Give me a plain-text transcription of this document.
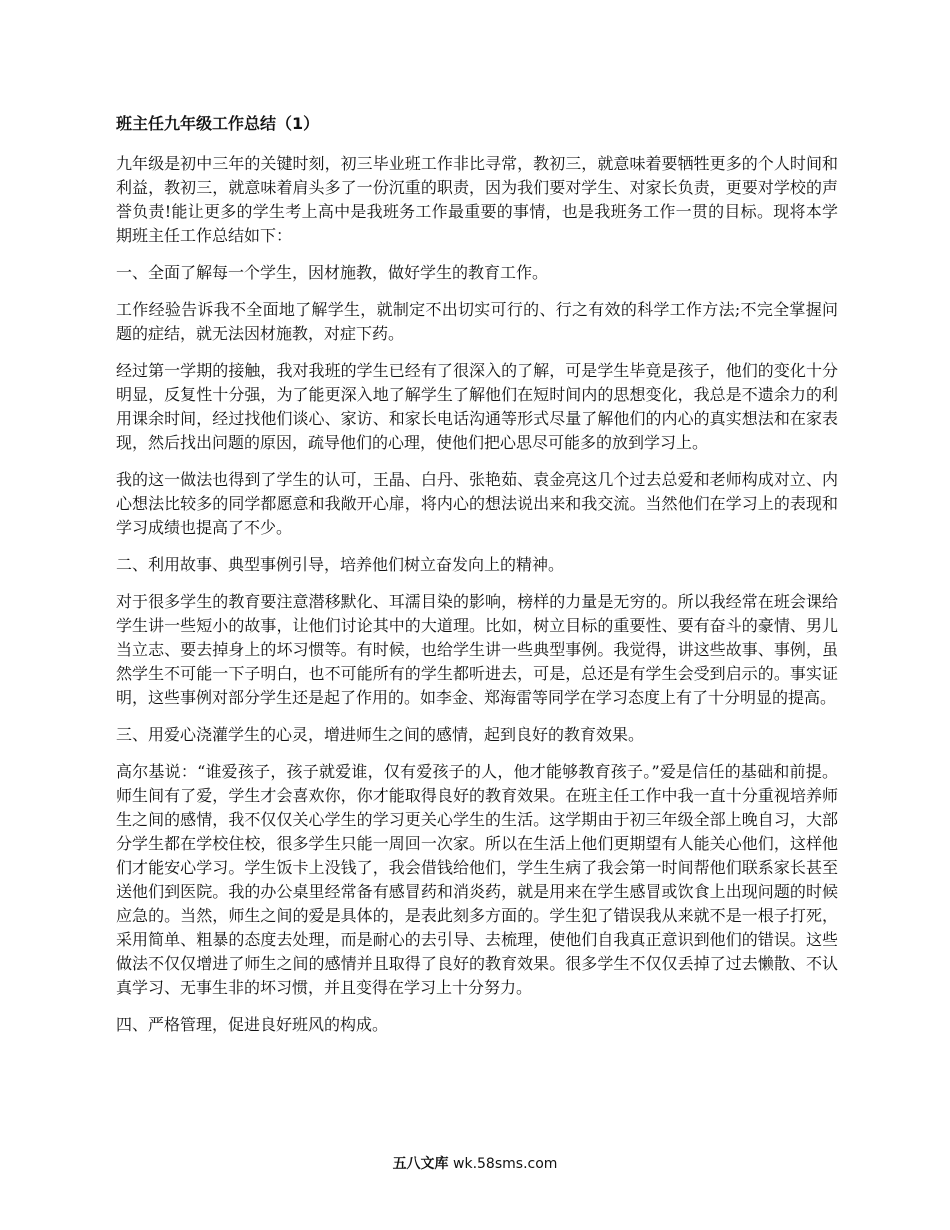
班主任九年级工作总结（1）
九年级是初中三年的关键时刻，初三毕业班工作非比寻常，教初三，就意味着要牺牲更多的个人时间和利益，教初三，就意味着肩头多了一份沉重的职责，因为我们要对学生、对家长负责，更要对学校的声誉负责!能让更多的学生考上高中是我班务工作最重要的事情，也是我班务工作一贯的目标。现将本学期班主任工作总结如下：
一、全面了解每一个学生，因材施教，做好学生的教育工作。
工作经验告诉我不全面地了解学生，就制定不出切实可行的、行之有效的科学工作方法;不完全掌握问题的症结，就无法因材施教，对症下药。
经过第一学期的接触，我对我班的学生已经有了很深入的了解，可是学生毕竟是孩子，他们的变化十分明显，反复性十分强，为了能更深入地了解学生了解他们在短时间内的思想变化，我总是不遗余力的利用课余时间，经过找他们谈心、家访、和家长电话沟通等形式尽量了解他们的内心的真实想法和在家表现，然后找出问题的原因，疏导他们的心理，使他们把心思尽可能多的放到学习上。
我的这一做法也得到了学生的认可，王晶、白丹、张艳茹、袁金亮这几个过去总爱和老师构成对立、内心想法比较多的同学都愿意和我敞开心扉，将内心的想法说出来和我交流。当然他们在学习上的表现和学习成绩也提高了不少。
二、利用故事、典型事例引导，培养他们树立奋发向上的精神。
对于很多学生的教育要注意潜移默化、耳濡目染的影响，榜样的力量是无穷的。所以我经常在班会课给学生讲一些短小的故事，让他们讨论其中的大道理。比如，树立目标的重要性、要有奋斗的豪情、男儿当立志、要去掉身上的坏习惯等。有时候，也给学生讲一些典型事例。我觉得，讲这些故事、事例，虽然学生不可能一下子明白，也不可能所有的学生都听进去，可是，总还是有学生会受到启示的。事实证明，这些事例对部分学生还是起了作用的。如李金、郑海雷等同学在学习态度上有了十分明显的提高。
三、用爱心浇灌学生的心灵，增进师生之间的感情，起到良好的教育效果。
高尔基说：“谁爱孩子，孩子就爱谁，仅有爱孩子的人，他才能够教育孩子。”爱是信任的基础和前提。师生间有了爱，学生才会喜欢你，你才能取得良好的教育效果。在班主任工作中我一直十分重视培养师生之间的感情，我不仅仅关心学生的学习更关心学生的生活。这学期由于初三年级全部上晚自习，大部分学生都在学校住校，很多学生只能一周回一次家。所以在生活上他们更期望有人能关心他们，这样他们才能安心学习。学生饭卡上没钱了，我会借钱给他们，学生生病了我会第一时间帮他们联系家长甚至送他们到医院。我的办公桌里经常备有感冒药和消炎药，就是用来在学生感冒或饮食上出现问题的时候应急的。当然，师生之间的爱是具体的，是表此刻多方面的。学生犯了错误我从来就不是一根子打死，采用简单、粗暴的态度去处理，而是耐心的去引导、去梳理，使他们自我真正意识到他们的错误。这些做法不仅仅增进了师生之间的感情并且取得了良好的教育效果。很多学生不仅仅丢掉了过去懒散、不认真学习、无事生非的坏习惯，并且变得在学习上十分努力。
四、严格管理，促进良好班风的构成。
五八文库 wk.58sms.com
